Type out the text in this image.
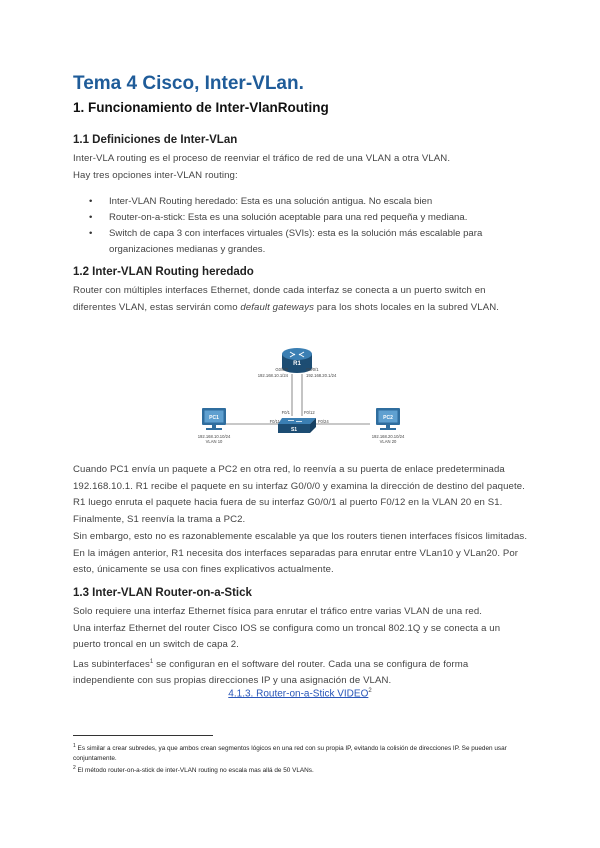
Tema 4 Cisco, Inter-VLan.
1. Funcionamiento de Inter-VlanRouting
1.1 Definiciones de Inter-VLan
Inter-VLA routing es el proceso de reenviar el tráfico de red de una VLAN a otra VLAN.
Hay tres opciones inter-VLAN routing:
• Inter-VLAN Routing heredado: Esta es una solución antigua. No escala bien
• Router-on-a-stick: Esta es una solución aceptable para una red pequeña y mediana.
• Switch de capa 3 con interfaces virtuales (SVIs): esta es la solución más escalable para organizaciones medianas y grandes.
1.2 Inter-VLAN Routing heredado
Router con múltiples interfaces Ethernet, donde cada interfaz se conecta a un puerto switch en diferentes VLAN, estas servirán como default gateways para los shots locales en la subred VLAN.
R1
G0/0/0
192.168.10.1/24
G0/0/1
192.168.20.1/24
S1
F0/1	F0/12
F0/11	F0/24
PC1
192.168.10.10/24
VLAN 10
PC2
192.168.20.10/24
VLAN 20
Cuando PC1 envía un paquete a PC2 en otra red, lo reenvía a su puerta de enlace predeterminada 192.168.10.1. R1 recibe el paquete en su interfaz G0/0/0 y examina la dirección de destino del paquete. R1 luego enruta el paquete hacia fuera de su interfaz G0/0/1 al puerto F0/12 en la VLAN 20 en S1. Finalmente, S1 reenvía la trama a PC2.
Sin embargo, esto no es razonablemente escalable ya que los routers tienen interfaces físicos limitadas. En la imágen anterior, R1 necesita dos interfaces separadas para enrutar entre VLan10 y VLan20. Por esto, únicamente se usa con fines explicativos actualmente.
1.3 Inter-VLAN Router-on-a-Stick
Solo requiere una interfaz Ethernet física para enrutar el tráfico entre varias VLAN de una red.
Una interfaz Ethernet del router Cisco IOS se configura como un troncal 802.1Q y se conecta a un puerto troncal en un switch de capa 2.
Las subinterfaces$^1$ se configuran en el software del router. Cada una se configura de forma independiente con sus propias direcciones IP y una asignación de VLAN.
4.1.3. Router-on-a-Stick VIDEO$^2$
$^1$ Es similar a crear subredes, ya que ambos crean segmentos lógicos en una red con su propia IP, evitando la colisión de direcciones IP. Se pueden usar conjuntamente.
$^2$ El método router-on-a-stick de inter-VLAN routing no escala mas allá de 50 VLANs.
